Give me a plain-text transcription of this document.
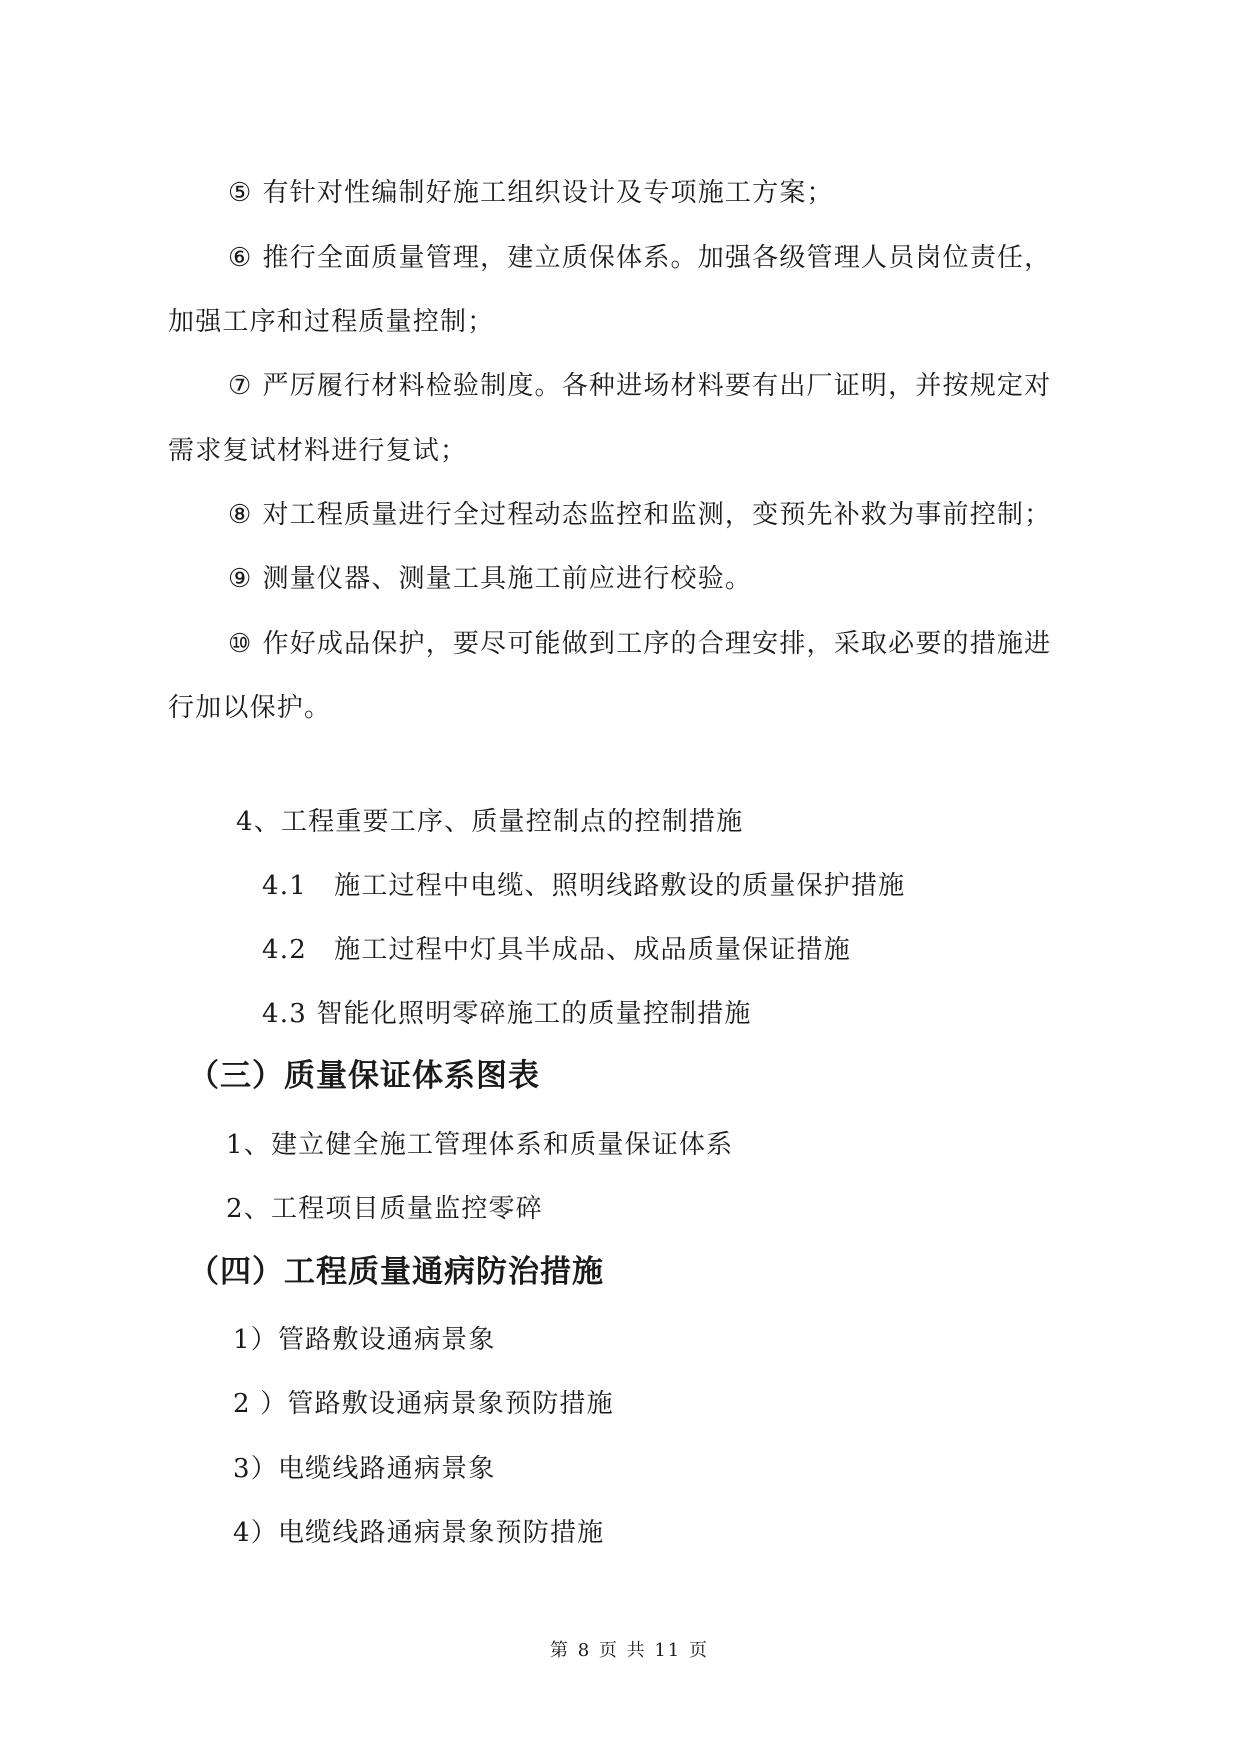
⑤ 有针对性编制好施工组织设计及专项施工方案；
⑥ 推行全面质量管理，建立质保体系。加强各级管理人员岗位责任，
加强工序和过程质量控制；
⑦ 严厉履行材料检验制度。各种进场材料要有出厂证明，并按规定对
需求复试材料进行复试；
⑧ 对工程质量进行全过程动态监控和监测，变预先补救为事前控制；
⑨ 测量仪器、测量工具施工前应进行校验。
⑩ 作好成品保护，要尽可能做到工序的合理安排，采取必要的措施进
行加以保护。
4、工程重要工序、质量控制点的控制措施
4.1　施工过程中电缆、照明线路敷设的质量保护措施
4.2　施工过程中灯具半成品、成品质量保证措施
4.3 智能化照明零碎施工的质量控制措施
（三）质量保证体系图表
1、建立健全施工管理体系和质量保证体系
2、工程项目质量监控零碎
（四）工程质量通病防治措施
1）管路敷设通病景象
2 ）管路敷设通病景象预防措施
3）电缆线路通病景象
4）电缆线路通病景象预防措施
第 8 页 共 11 页
